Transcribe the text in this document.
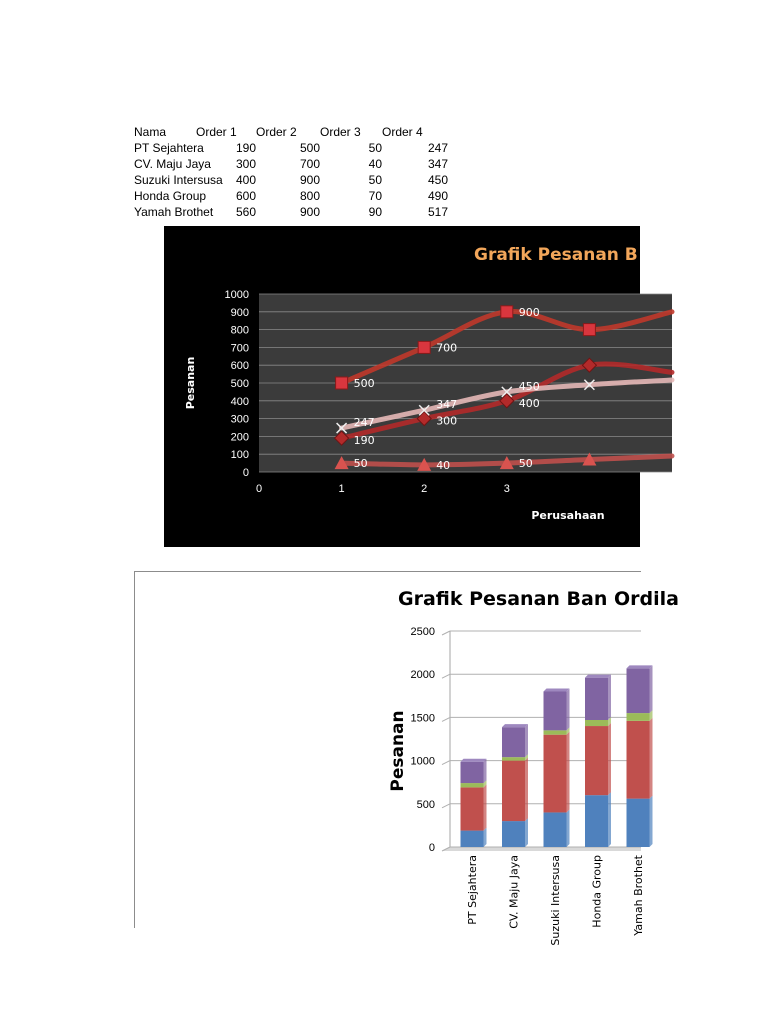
Nama	Order 1	Order 2	Order 3	Order 4
PT Sejahtera	190	500	50	247
CV. Maju Jaya	300	700	40	347
Suzuki Intersusa	400	900	50	450
Honda Group	600	800	70	490
Yamah Brothet	560	900	90	517
Grafik Pesanan B
0
100
200
300
400
500
600
700
800
900
1000
0	1	2	3
Pesanan
Perusahaan
190
300
400
500
700
900
50	40	50
247
347
450
Grafik Pesanan Ban Ordila
0
500
1000
1500
2000
2500
Pesanan
PT Sejahtera	CV. Maju Jaya	Suzuki Intersusa	Honda Group	Yamah Brothet
